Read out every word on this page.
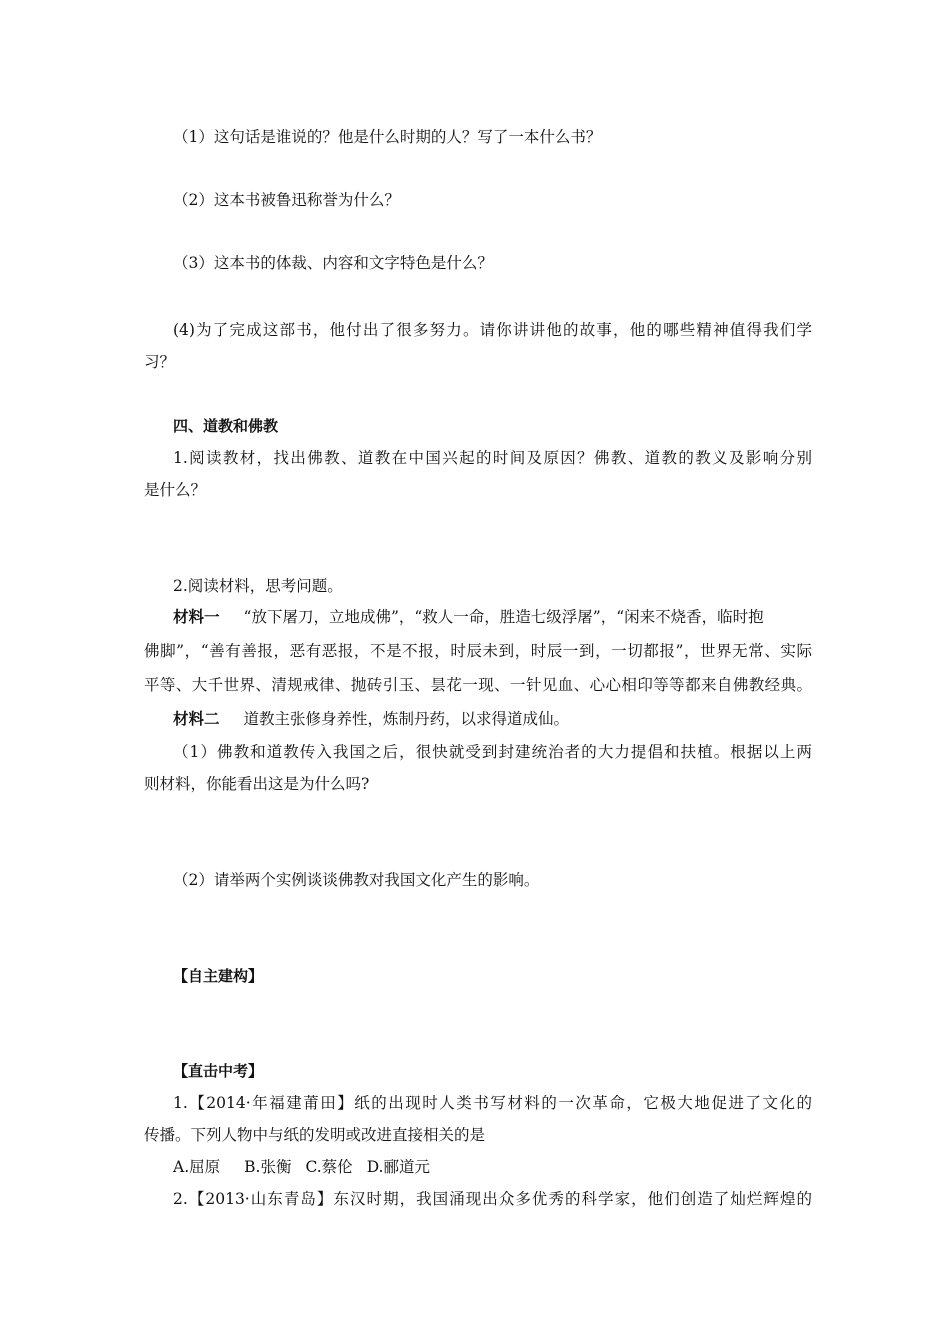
（1）这句话是谁说的？他是什么时期的人？写了一本什么书？
（2）这本书被鲁迅称誉为什么？
（3）这本书的体裁、内容和文字特色是什么？
(4)为了完成这部书，他付出了很多努力。请你讲讲他的故事，他的哪些精神值得我们学
习？
四、道教和佛教
1.阅读教材，找出佛教、道教在中国兴起的时间及原因？佛教、道教的教义及影响分别
是什么？
2.阅读材料，思考问题。
材料一 “放下屠刀，立地成佛”，“救人一命，胜造七级浮屠”，“闲来不烧香，临时抱
佛脚”，“善有善报，恶有恶报，不是不报，时辰未到，时辰一到，一切都报”，世界无常、实际
平等、大千世界、清规戒律、抛砖引玉、昙花一现、一针见血、心心相印等等都来自佛教经典。
材料二 道教主张修身养性，炼制丹药，以求得道成仙。
（1）佛教和道教传入我国之后，很快就受到封建统治者的大力提倡和扶植。根据以上两
则材料，你能看出这是为什么吗?
（2）请举两个实例谈谈佛教对我国文化产生的影响。
【自主建构】
【直击中考】
1.【2014·年福建莆田】纸的出现时人类书写材料的一次革命，它极大地促进了文化的
传播。下列人物中与纸的发明或改进直接相关的是
A.屈原 B.张衡 C.蔡伦 D.郦道元
2.【2013·山东青岛】东汉时期，我国涌现出众多优秀的科学家，他们创造了灿烂辉煌的
